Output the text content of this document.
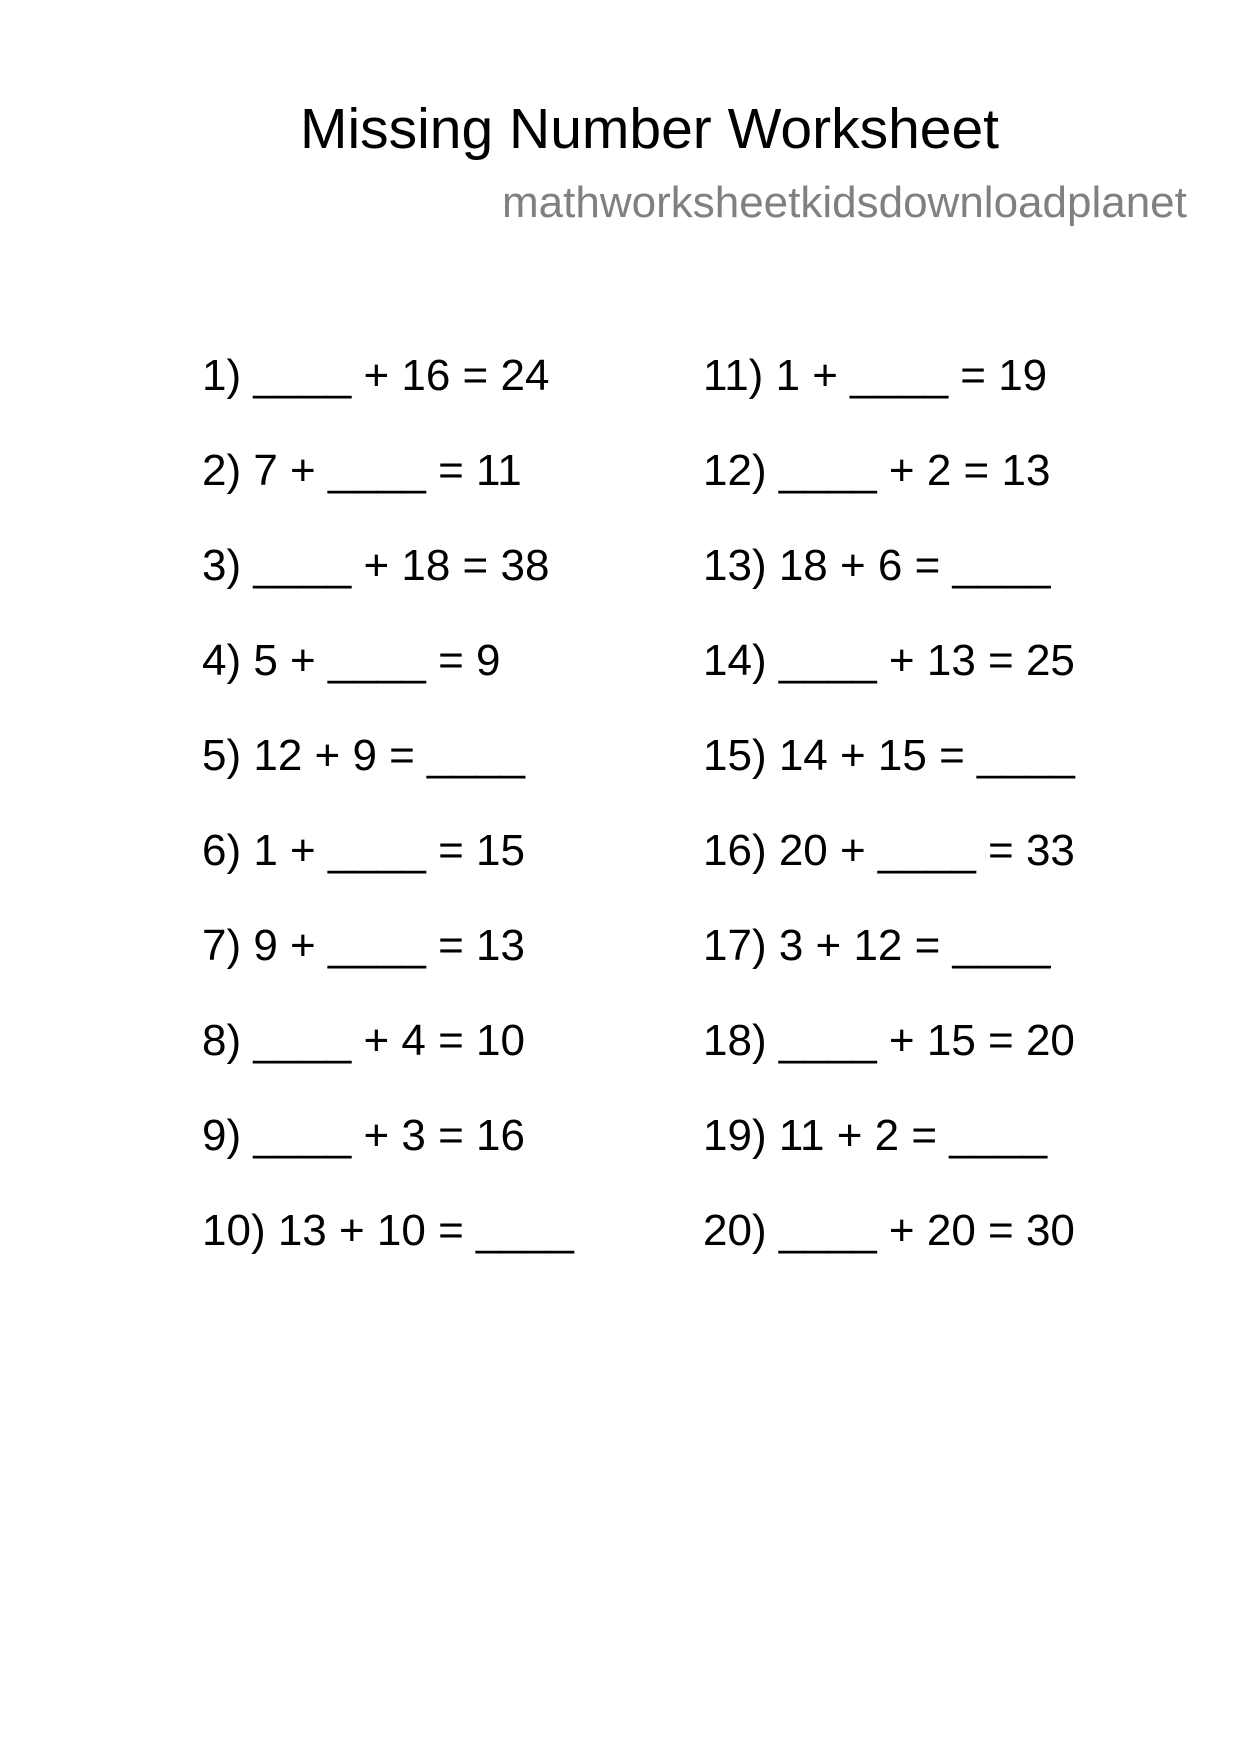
Missing Number Worksheet
mathworksheetkidsdownloadplanet
1) ____ + 16 = 24
2) 7 + ____ = 11
3) ____ + 18 = 38
4) 5 + ____ = 9
5) 12 + 9 = ____
6) 1 + ____ = 15
7) 9 + ____ = 13
8) ____ + 4 = 10
9) ____ + 3 = 16
10) 13 + 10 = ____
11) 1 + ____ = 19
12) ____ + 2 = 13
13) 18 + 6 = ____
14) ____ + 13 = 25
15) 14 + 15 = ____
16) 20 + ____ = 33
17) 3 + 12 = ____
18) ____ + 15 = 20
19) 11 + 2 = ____
20) ____ + 20 = 30
